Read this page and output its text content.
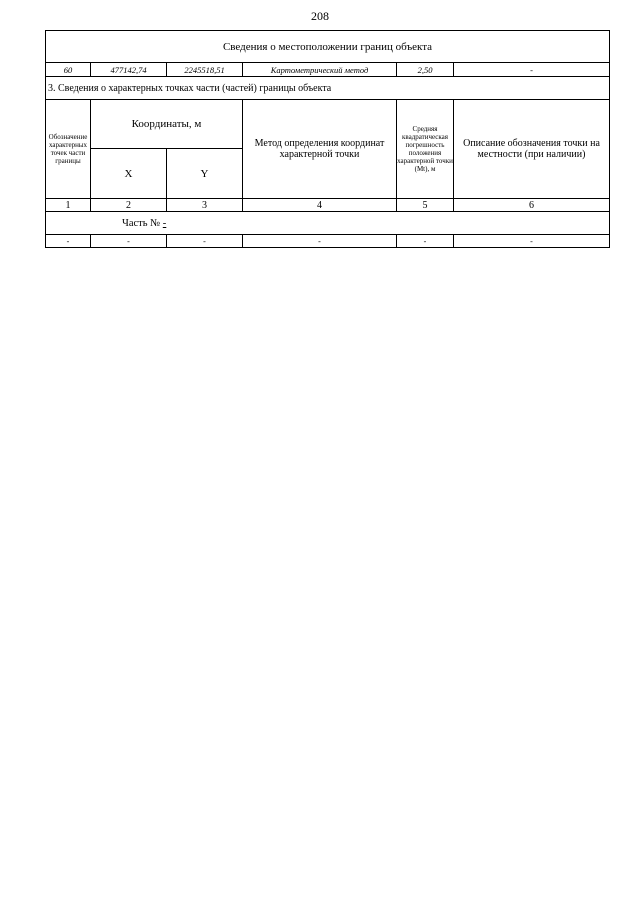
208
Сведения о местоположении границ объекта					
60	477142,74	2245518,51	Картометрический метод	2,50	-
3. Сведения о характерных точках части (частей) границы объекта					
Обозначение характерных точек части границы	Координаты, м		Метод определения координат характерной точки	Средняя квадратическая погрешность положения характерной точки (Mt), м	Описание обозначения точки на местности (при наличии)
	X	Y			
1	2	3	4	5	6

Часть № -					

-	-	-	-	-	-
